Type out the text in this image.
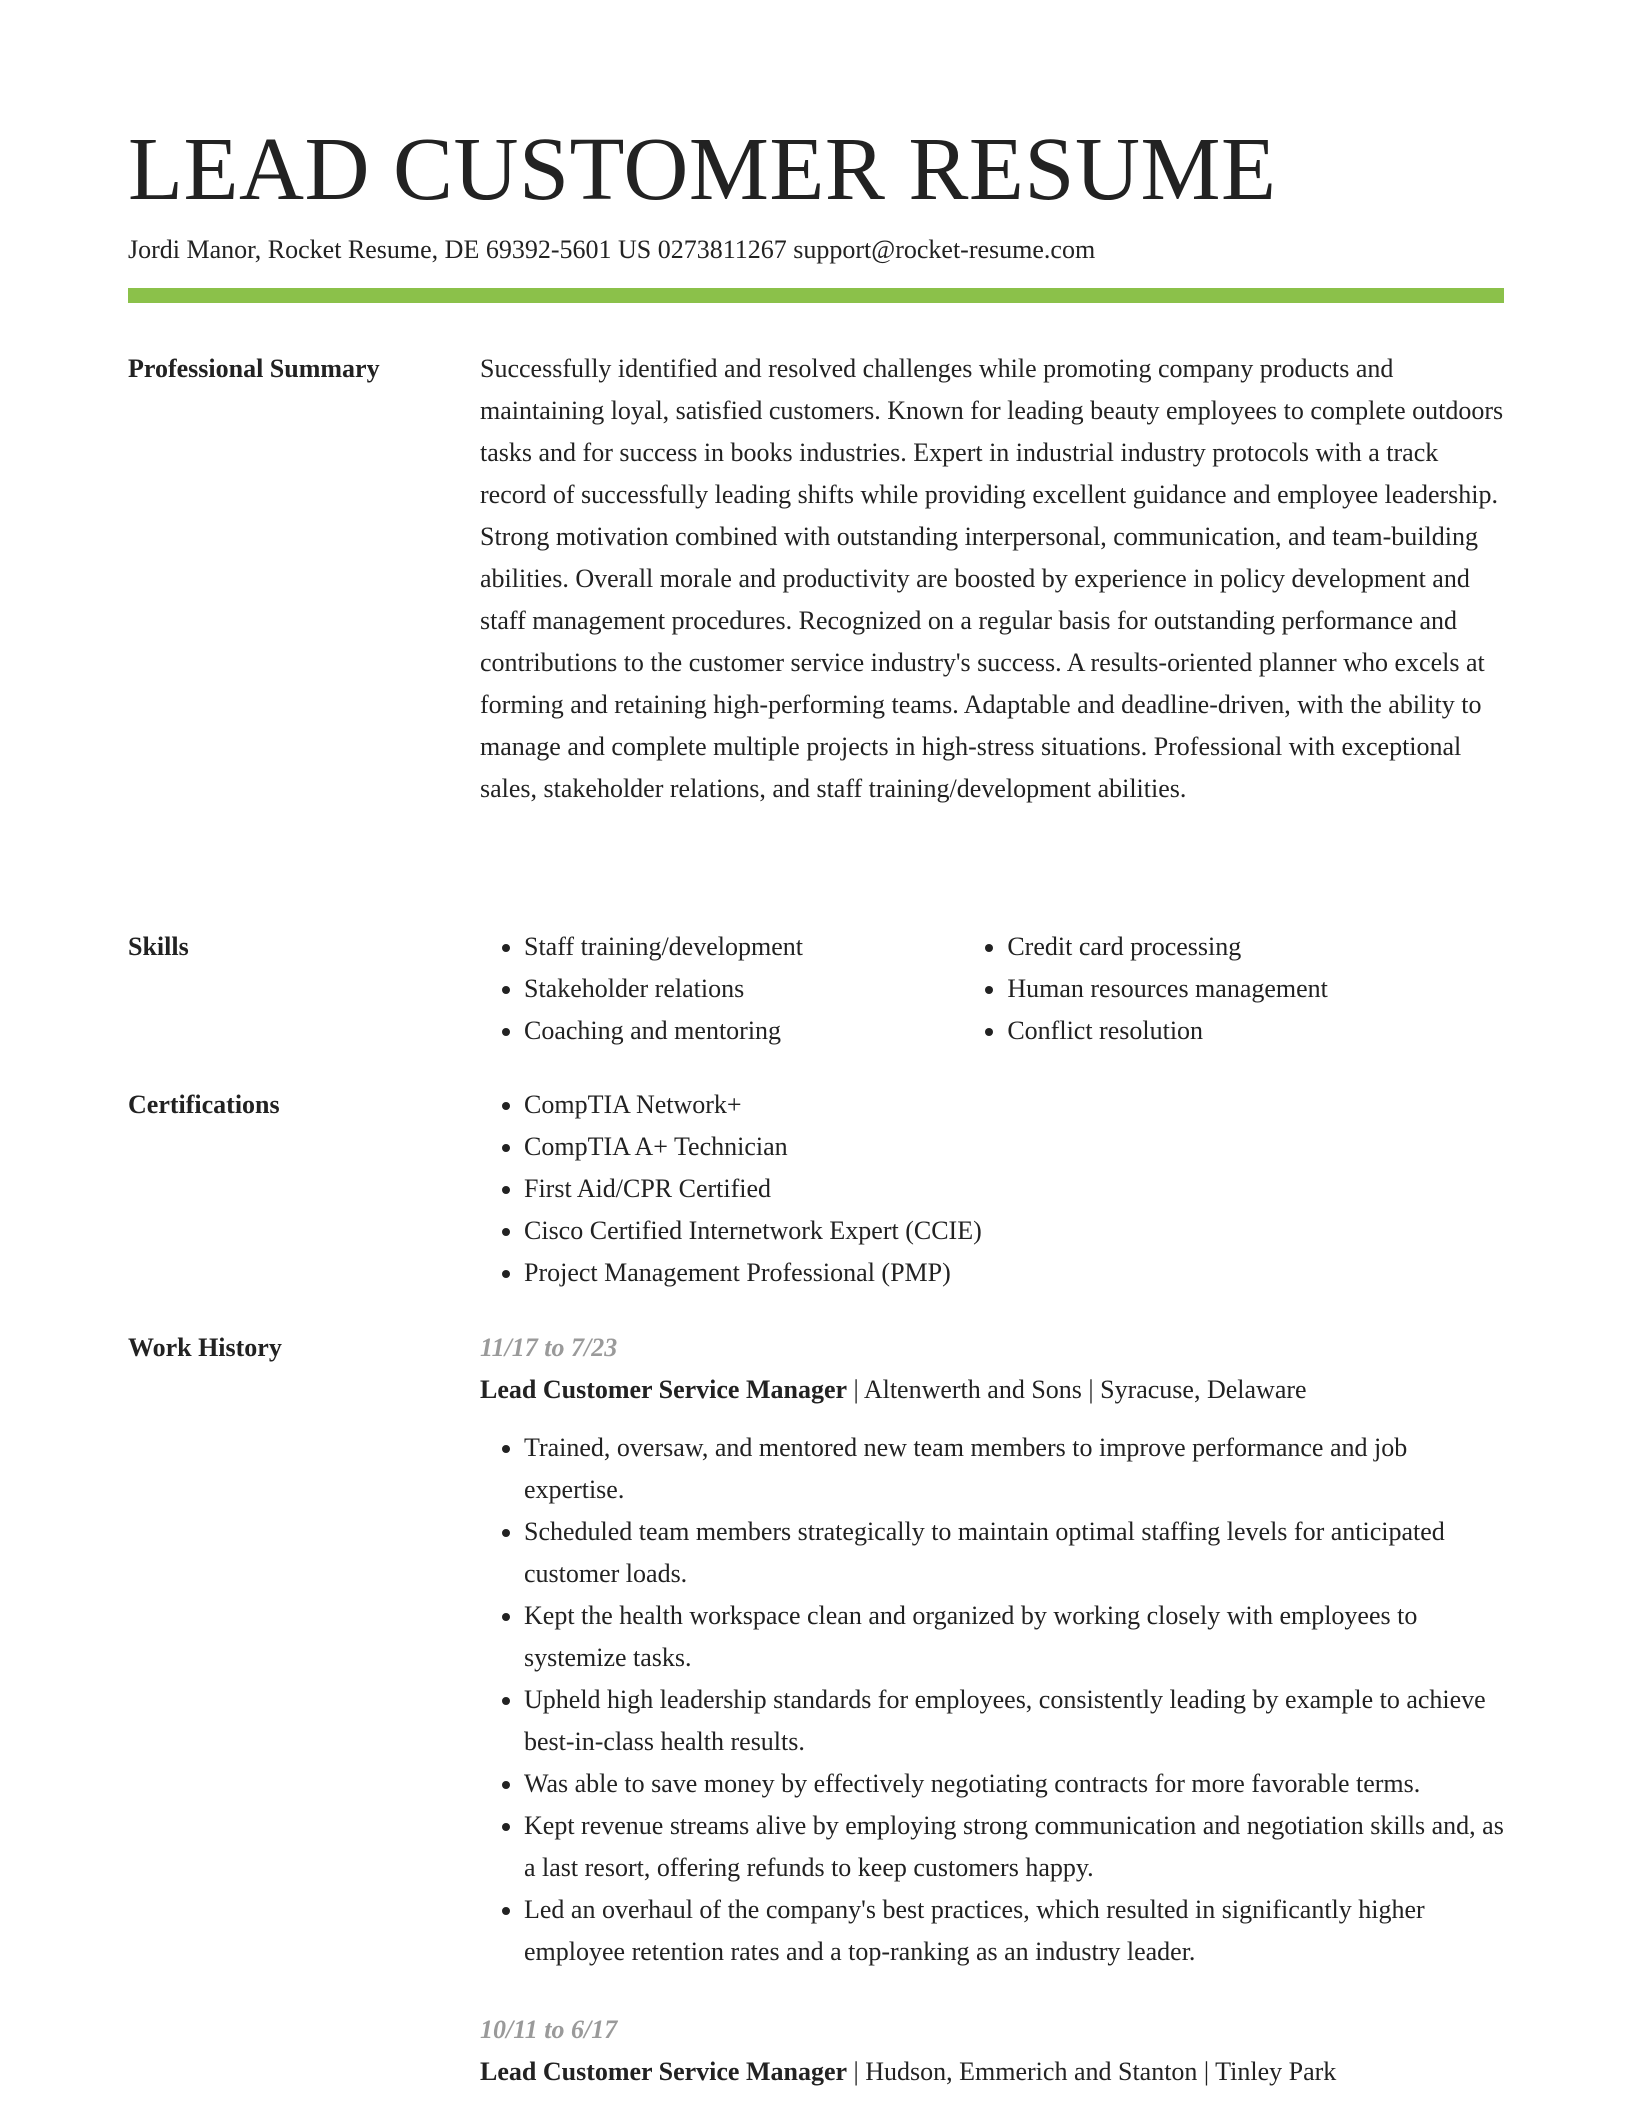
LEAD CUSTOMER RESUME
Jordi Manor, Rocket Resume, DE 69392-5601 US 0273811267 support@rocket-resume.com
Professional Summary	Successfully identified and resolved challenges while promoting company products and maintaining loyal, satisfied customers. Known for leading beauty employees to complete outdoors tasks and for success in books industries. Expert in industrial industry protocols with a track record of successfully leading shifts while providing excellent guidance and employee leadership. Strong motivation combined with outstanding interpersonal, communication, and team-building abilities. Overall morale and productivity are boosted by experience in policy development and staff management procedures. Recognized on a regular basis for outstanding performance and contributions to the customer service industry's success. A results-oriented planner who excels at forming and retaining high-performing teams. Adaptable and deadline-driven, with the ability to manage and complete multiple projects in high-stress situations. Professional with exceptional sales, stakeholder relations, and staff training/development abilities.
Skills	• Staff training/development
• Stakeholder relations
• Coaching and mentoring
• Credit card processing
• Human resources management
• Conflict resolution
Certifications	• CompTIA Network+
• CompTIA A+ Technician
• First Aid/CPR Certified
• Cisco Certified Internetwork Expert (CCIE)
• Project Management Professional (PMP)
Work History	11/17 to 7/23
Lead Customer Service Manager | Altenwerth and Sons | Syracuse, Delaware
• Trained, oversaw, and mentored new team members to improve performance and job expertise.
• Scheduled team members strategically to maintain optimal staffing levels for anticipated customer loads.
• Kept the health workspace clean and organized by working closely with employees to systemize tasks.
• Upheld high leadership standards for employees, consistently leading by example to achieve best-in-class health results.
• Was able to save money by effectively negotiating contracts for more favorable terms.
• Kept revenue streams alive by employing strong communication and negotiation skills and, as a last resort, offering refunds to keep customers happy.
• Led an overhaul of the company's best practices, which resulted in significantly higher employee retention rates and a top-ranking as an industry leader.
10/11 to 6/17
Lead Customer Service Manager | Hudson, Emmerich and Stanton | Tinley Park
